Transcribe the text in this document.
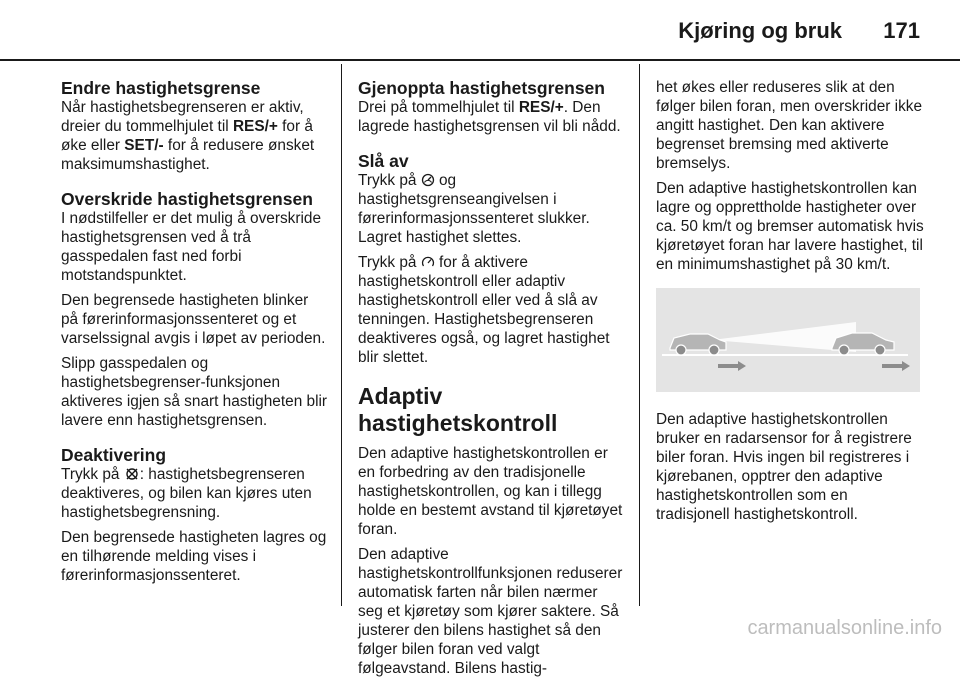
Kjøring og bruk 171
Endre hastighetsgrense

Når hastighetsbegrenseren er aktiv, dreier du tommelhjulet til RES/+ for å øke eller SET/- for å redusere ønsket maksimumshastighet.

Overskride hastighetsgrensen

I nødstilfeller er det mulig å overskride hastighetsgrensen ved å trå gasspedalen fast ned forbi motstandspunktet.

Den begrensede hastigheten blinker på førerinformasjonssenteret og et varselssignal avgis i løpet av perioden.

Slipp gasspedalen og hastighetsbegrenser-funksjonen aktiveres igjen så snart hastigheten blir lavere enn hastighetsgrensen.

Deaktivering

Trykk på : hastighetsbegrenseren deaktiveres, og bilen kan kjøres uten hastighetsbegrensning.

Den begrensede hastigheten lagres og en tilhørende melding vises i førerinformasjonssenteret.

Gjenoppta hastighetsgrensen

Drei på tommelhjulet til RES/+. Den lagrede hastighetsgrensen vil bli nådd.

Slå av

Trykk på  og hastighetsgrenseangivelsen i førerinformasjonssenteret slukker. Lagret hastighet slettes.

Trykk på  for å aktivere hastighetskontroll eller adaptiv hastighetskontroll eller ved å slå av tenningen. Hastighetsbegrenseren deaktiveres også, og lagret hastighet blir slettet.

Adaptiv hastighetskontroll

Den adaptive hastighetskontrollen er en forbedring av den tradisjonelle hastighetskontrollen, og kan i tillegg holde en bestemt avstand til kjøretøyet foran.

Den adaptive hastighetskontrollfunksjonen reduserer automatisk farten når bilen nærmer seg et kjøretøy som kjører saktere. Så justerer den bilens hastighet så den følger bilen foran ved valgt følgeavstand. Bilens hastig-

het økes eller reduseres slik at den følger bilen foran, men overskrider ikke angitt hastighet. Den kan aktivere begrenset bremsing med aktiverte bremselys.

Den adaptive hastighetskontrollen kan lagre og opprettholde hastigheter over ca. 50 km/t og bremser automatisk hvis kjøretøyet foran har lavere hastighet, til en minimumshastighet på 30 km/t.

Den adaptive hastighetskontrollen bruker en radarsensor for å registrere biler foran. Hvis ingen bil registreres i kjørebanen, opptrer den adaptive hastighetskontrollen som en tradisjonell hastighetskontroll.

carmanualsonline.info
